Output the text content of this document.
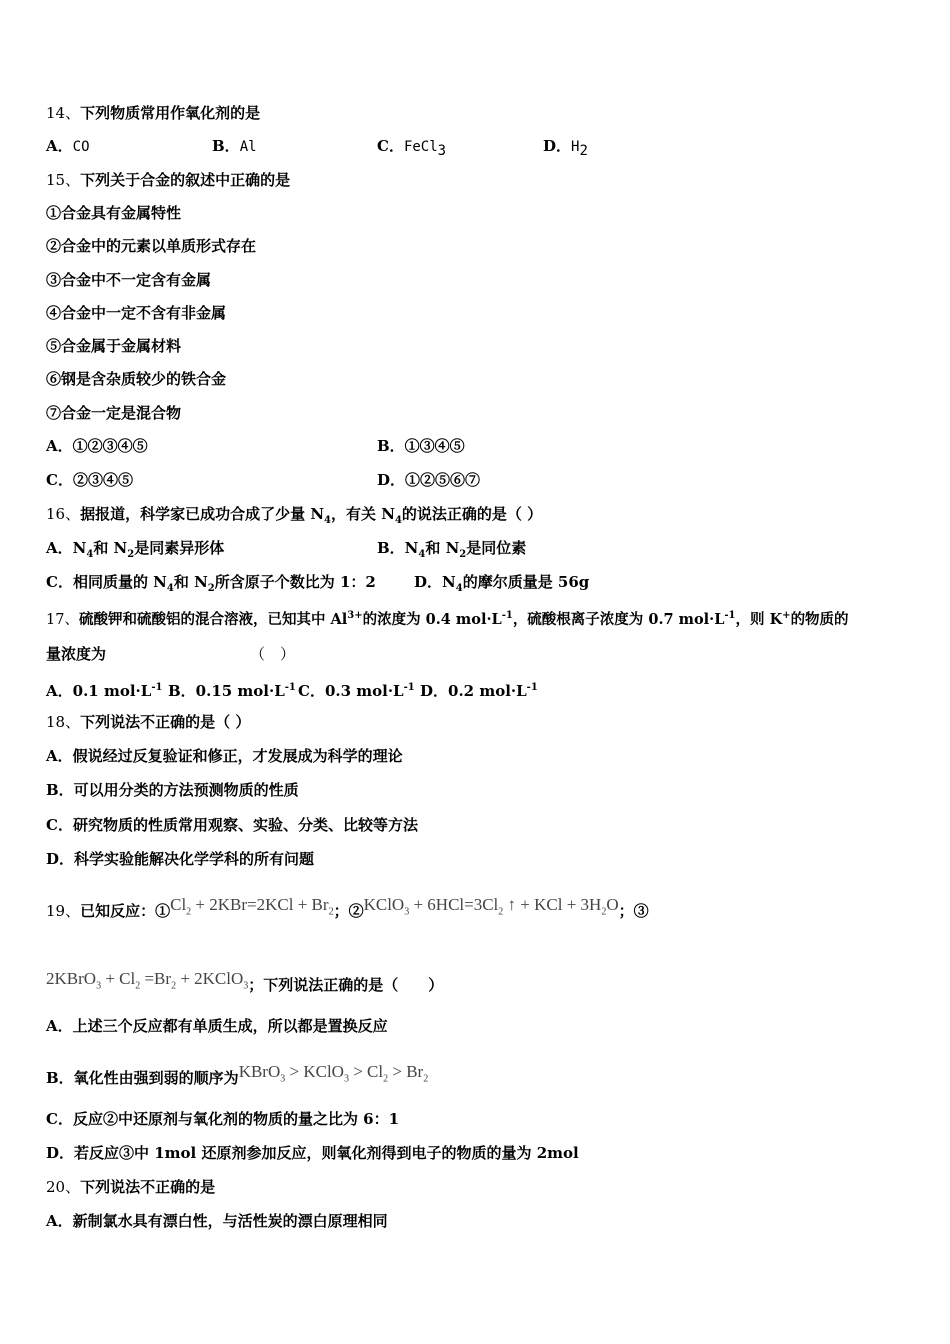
14、下列物质常用作氧化剂的是
A．CO	B．Al	C．FeCl$_3$	D．$H_2$
15、下列关于合金的叙述中正确的是
①合金具有金属特性
②合金中的元素以单质形式存在
③合金中不一定含有金属
④合金中一定不含有非金属
⑤合金属于金属材料
⑥钢是含杂质较少的铁合金
⑦合金一定是混合物
A．①②③④⑤	B．①③④⑤
C．②③④⑤	D．①②⑤⑥⑦
16、据报道，科学家已成功合成了少量 $N_4$，有关 $N_4$的说法正确的是（ ）
A．$N_4$和 $N_2$是同素异形体	B．$N_4$和 $N_2$是同位素
C．相同质量的 $N_4$和 $N_2$所含原子个数比为 1：2	D．$N_4$的摩尔质量是 56g
17、硫酸钾和硫酸铝的混合溶液，已知其中 $Al^{3+}$的浓度为 0.4 $mol\cdot L^{-1}$，硫酸根离子浓度为 0.7 $mol\cdot L^{-1}$，则 K+的物质的
量浓度为	（　）
A．0.1 $mol\cdot L^{-1}$ B．0.15 $mol\cdot L^{-1}$ C．0.3 $mol\cdot L^{-1}$ D．0.2 $mol\cdot L^{-1}$
18、下列说法不正确的是（ ）
A．假说经过反复验证和修正，才发展成为科学的理论
B．可以用分类的方法预测物质的性质
C．研究物质的性质常用观察、实验、分类、比较等方法
D．科学实验能解决化学学科的所有问题
19、已知反应：$①Cl_2 + 2KBr=2KCl + Br_2$；②KClO$_3$ + $6HCl=3Cl_2$ ↑ + KCl + $3H_2O$；③
2KBrO$_3$ + $Cl_2 =Br_2$ + 2KClO$_3$；下列说法正确的是（　　）
A．上述三个反应都有单质生成，所以都是置换反应
B．氧化性由强到弱的顺序为KBrO$_3$ > KClO$_3$ > $Cl_2 > Br_2$
C．反应②中还原剂与氧化剂的物质的量之比为 6：1
D．若反应③中 1mol 还原剂参加反应，则氧化剂得到电子的物质的量为 2mol
20、下列说法不正确的是
A．新制氯水具有漂白性，与活性炭的漂白原理相同
